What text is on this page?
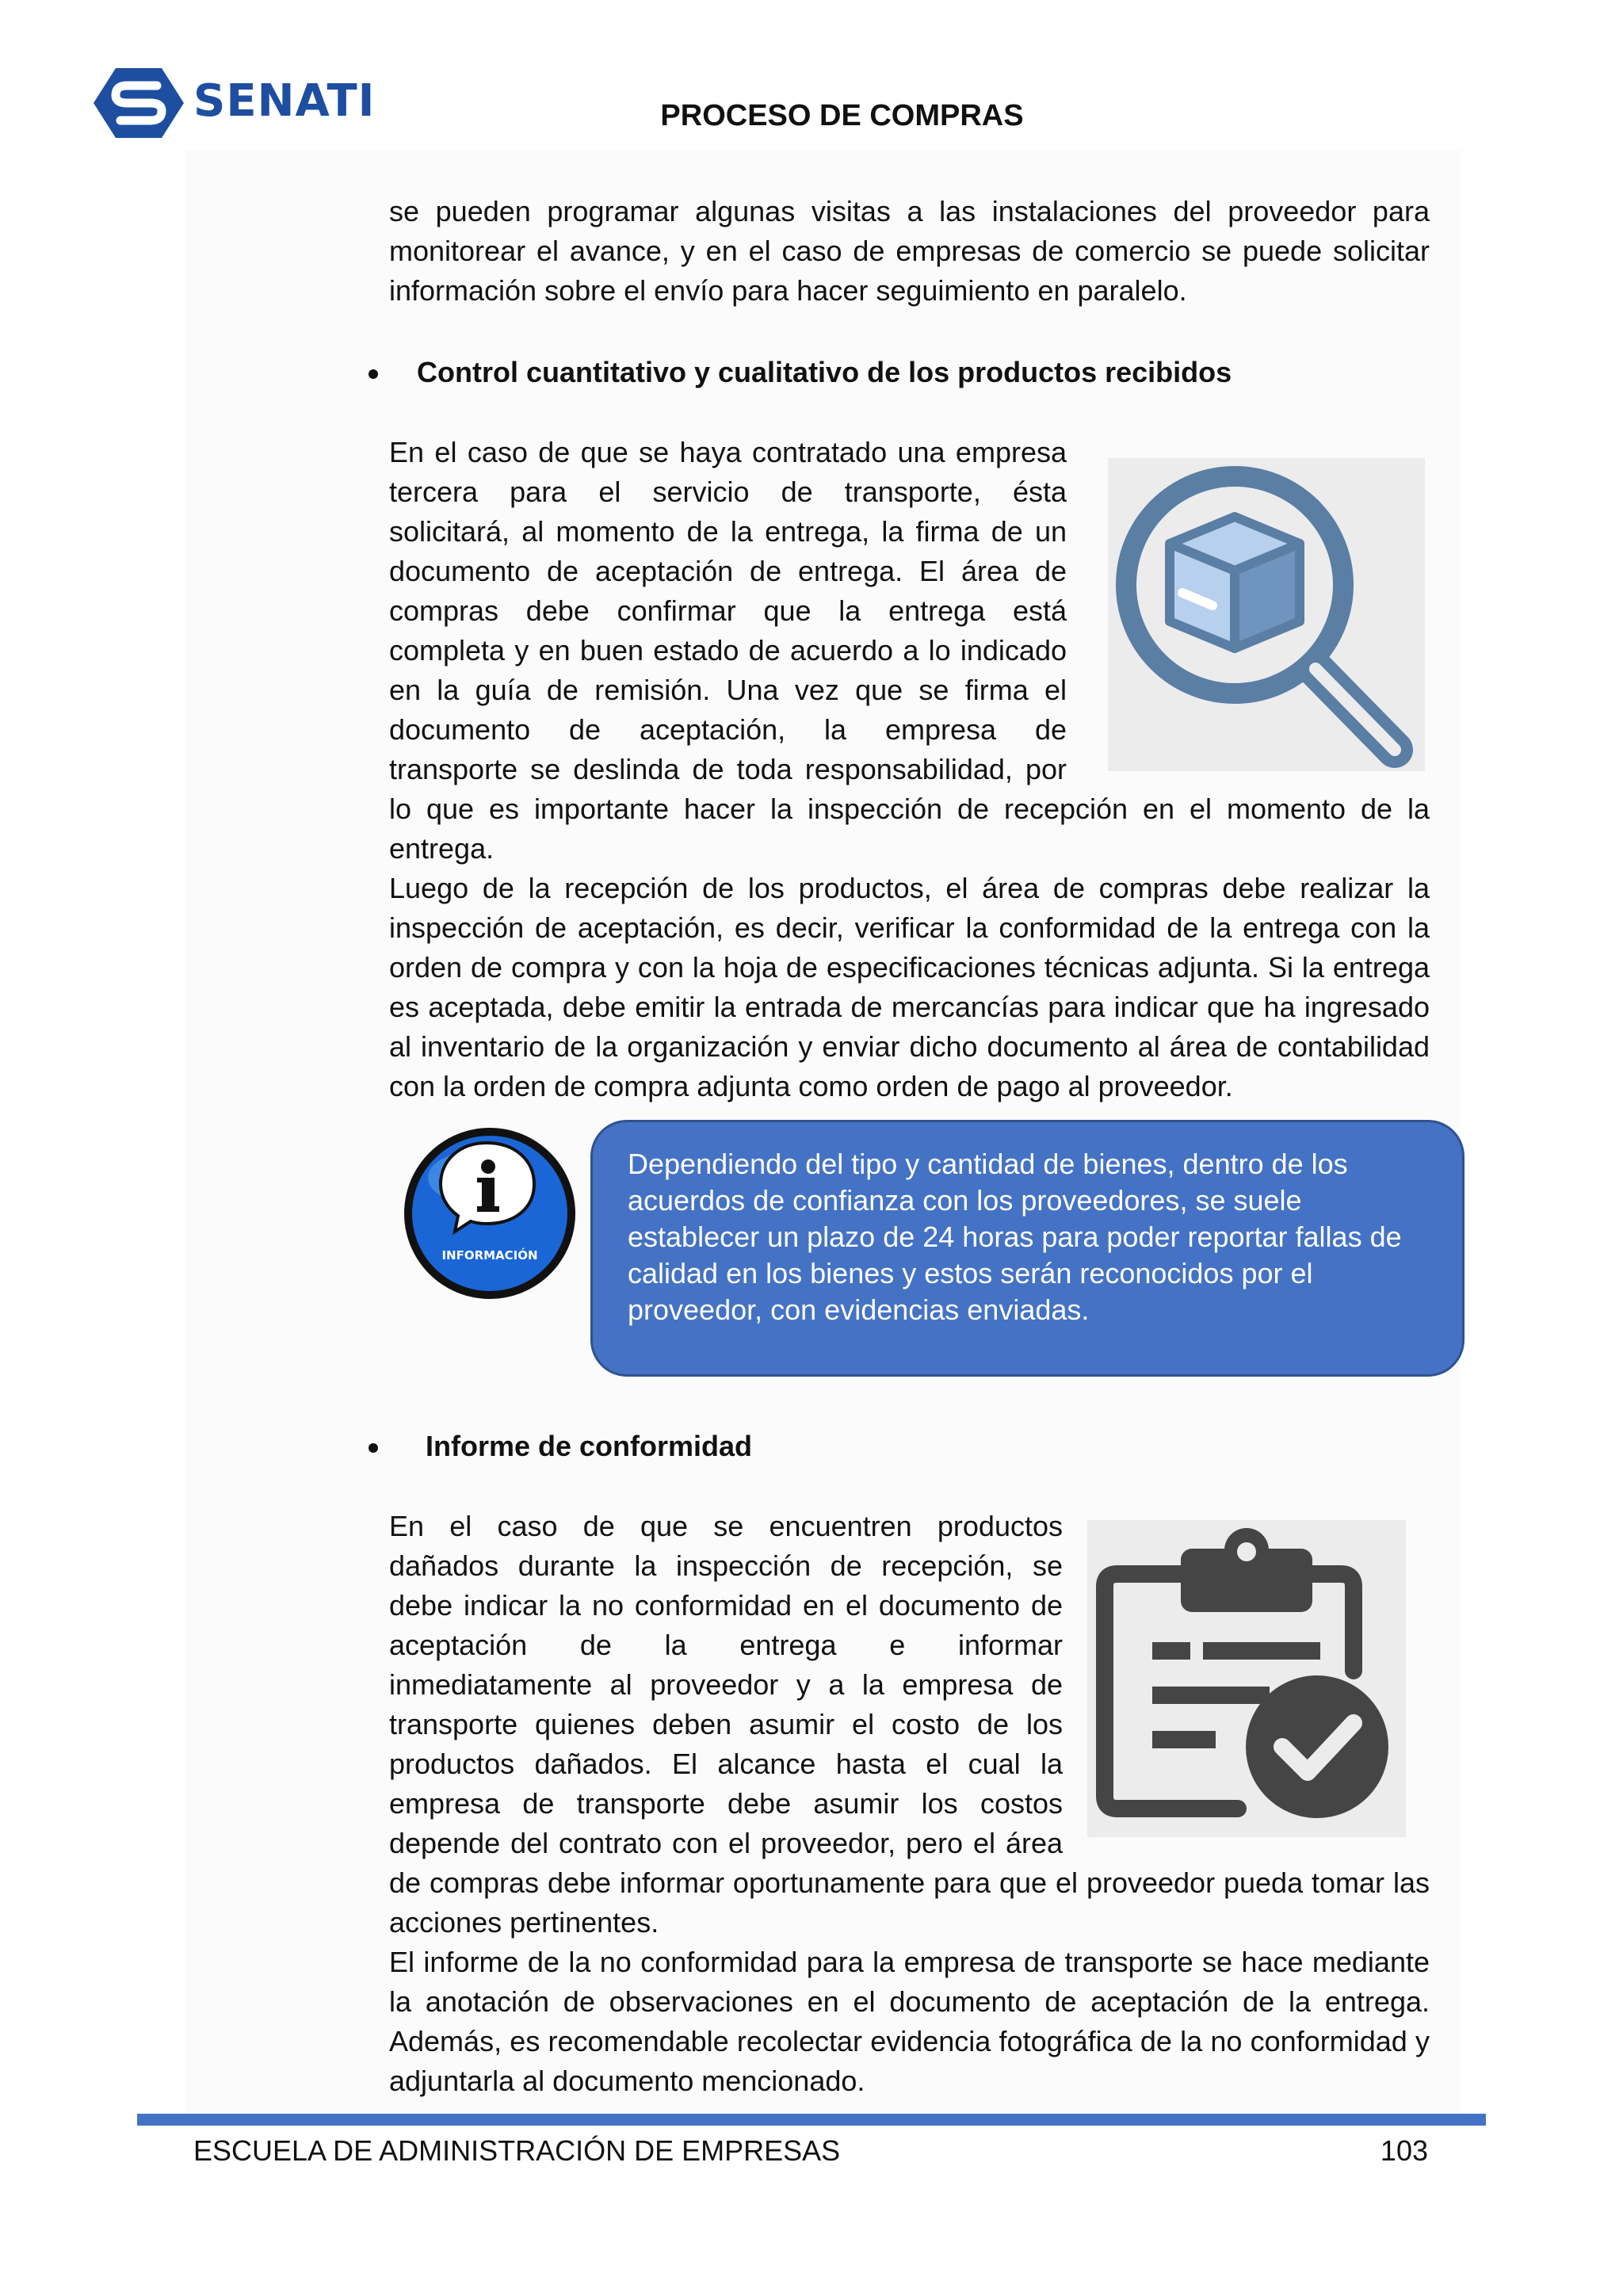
SENATI	PROCESO DE COMPRAS

se pueden programar algunas visitas a las instalaciones del proveedor para monitorear el avance, y en el caso de empresas de comercio se puede solicitar información sobre el envío para hacer seguimiento en paralelo.

Control cuantitativo y cualitativo de los productos recibidos
En el caso de que se haya contratado una empresa
tercera para el servicio de transporte, ésta
solicitará, al momento de la entrega, la firma de un
documento de aceptación de entrega. El área de
compras debe confirmar que la entrega está
completa y en buen estado de acuerdo a lo indicado
en la guía de remisión. Una vez que se firma el
documento de aceptación, la empresa de
transporte se deslinda de toda responsabilidad, por

lo que es importante hacer la inspección de recepción en el momento de la entrega.

Luego de la recepción de los productos, el área de compras debe realizar la inspección de aceptación, es decir, verificar la conformidad de la entrega con la orden de compra y con la hoja de especificaciones técnicas adjunta. Si la entrega es aceptada, debe emitir la entrada de mercancías para indicar que ha ingresado al inventario de la organización y enviar dicho documento al área de contabilidad con la orden de compra adjunta como orden de pago al proveedor.

INFORMACIÓN
Dependiendo del tipo y cantidad de bienes, dentro de los acuerdos de confianza con los proveedores, se suele establecer un plazo de 24 horas para poder reportar fallas de calidad en los bienes y estos serán reconocidos por el proveedor, con evidencias enviadas.
Informe de conformidad
En el caso de que se encuentren productos
dañados durante la inspección de recepción, se
debe indicar la no conformidad en el documento de
aceptación de la entrega e informar
inmediatamente al proveedor y a la empresa de
transporte quienes deben asumir el costo de los
productos dañados. El alcance hasta el cual la
empresa de transporte debe asumir los costos
depende del contrato con el proveedor, pero el área

de compras debe informar oportunamente para que el proveedor pueda tomar las acciones pertinentes.

El informe de la no conformidad para la empresa de transporte se hace mediante la anotación de observaciones en el documento de aceptación de la entrega. Además, es recomendable recolectar evidencia fotográfica de la no conformidad y adjuntarla al documento mencionado.

ESCUELA DE ADMINISTRACIÓN DE EMPRESAS	103
